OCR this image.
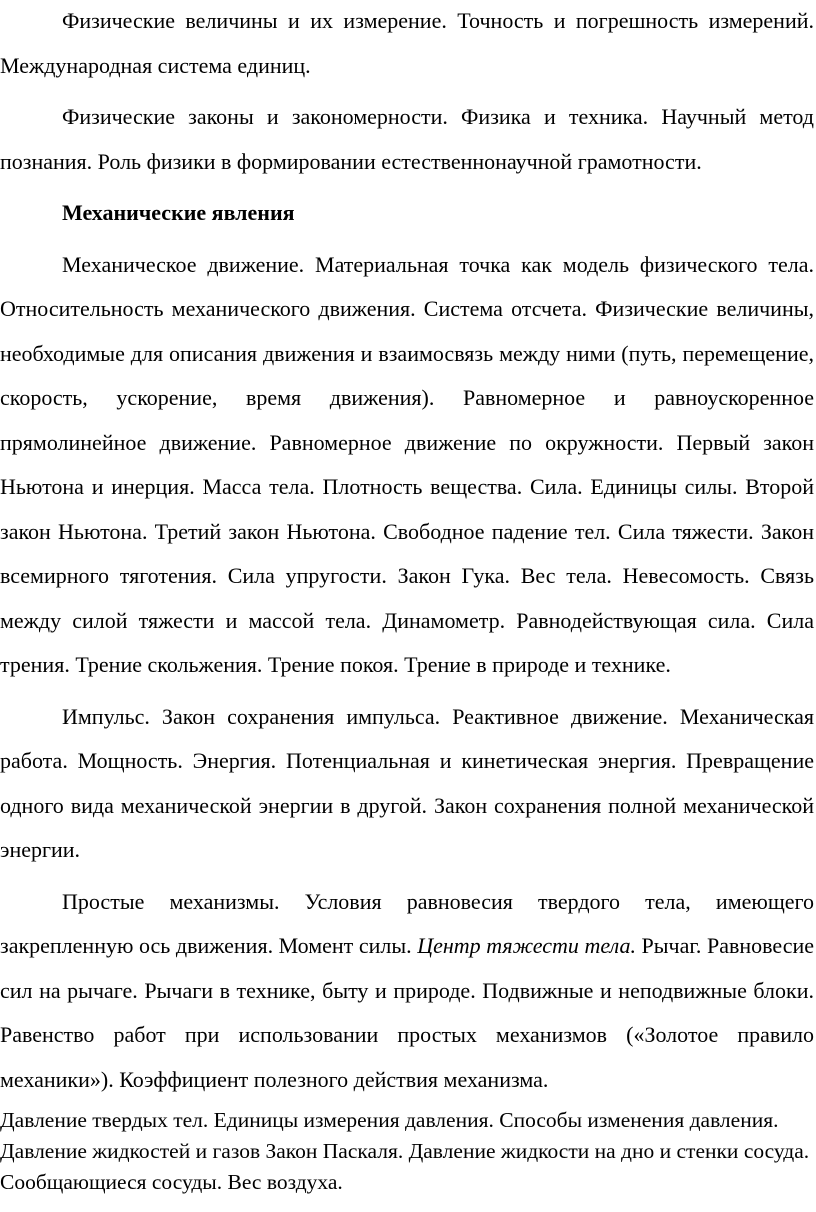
Физические величины и их измерение. Точность и погрешность измерений. Международная система единиц.

Физические законы и закономерности. Физика и техника. Научный метод познания. Роль физики в формировании естественнонаучной грамотности.

Механические явления

Механическое движение. Материальная точка как модель физического тела. Относительность механического движения. Система отсчета. Физические величины, необходимые для описания движения и взаимосвязь между ними (путь, перемещение, скорость, ускорение, время движения). Равномерное и равноускоренное прямолинейное движение. Равномерное движение по окружности. Первый закон Ньютона и инерция. Масса тела. Плотность вещества. Сила. Единицы силы. Второй закон Ньютона. Третий закон Ньютона. Свободное падение тел. Сила тяжести. Закон всемирного тяготения. Сила упругости. Закон Гука. Вес тела. Невесомость. Связь между силой тяжести и массой тела. Динамометр. Равнодействующая сила. Сила трения. Трение скольжения. Трение покоя. Трение в природе и технике.

Импульс. Закон сохранения импульса. Реактивное движение. Механическая работа. Мощность. Энергия. Потенциальная и кинетическая энергия. Превращение одного вида механической энергии в другой. Закон сохранения полной механической энергии.

Простые механизмы. Условия равновесия твердого тела, имеющего закрепленную ось движения. Момент силы. Центр тяжести тела. Рычаг. Равновесие сил на рычаге. Рычаги в технике, быту и природе. Подвижные и неподвижные блоки. Равенство работ при использовании простых механизмов («Золотое правило механики»). Коэффициент полезного действия механизма.

Давление твердых тел. Единицы измерения давления. Способы изменения давления. Давление жидкостей и газов Закон Паскаля. Давление жидкости на дно и стенки сосуда. Сообщающиеся сосуды. Вес воздуха.
